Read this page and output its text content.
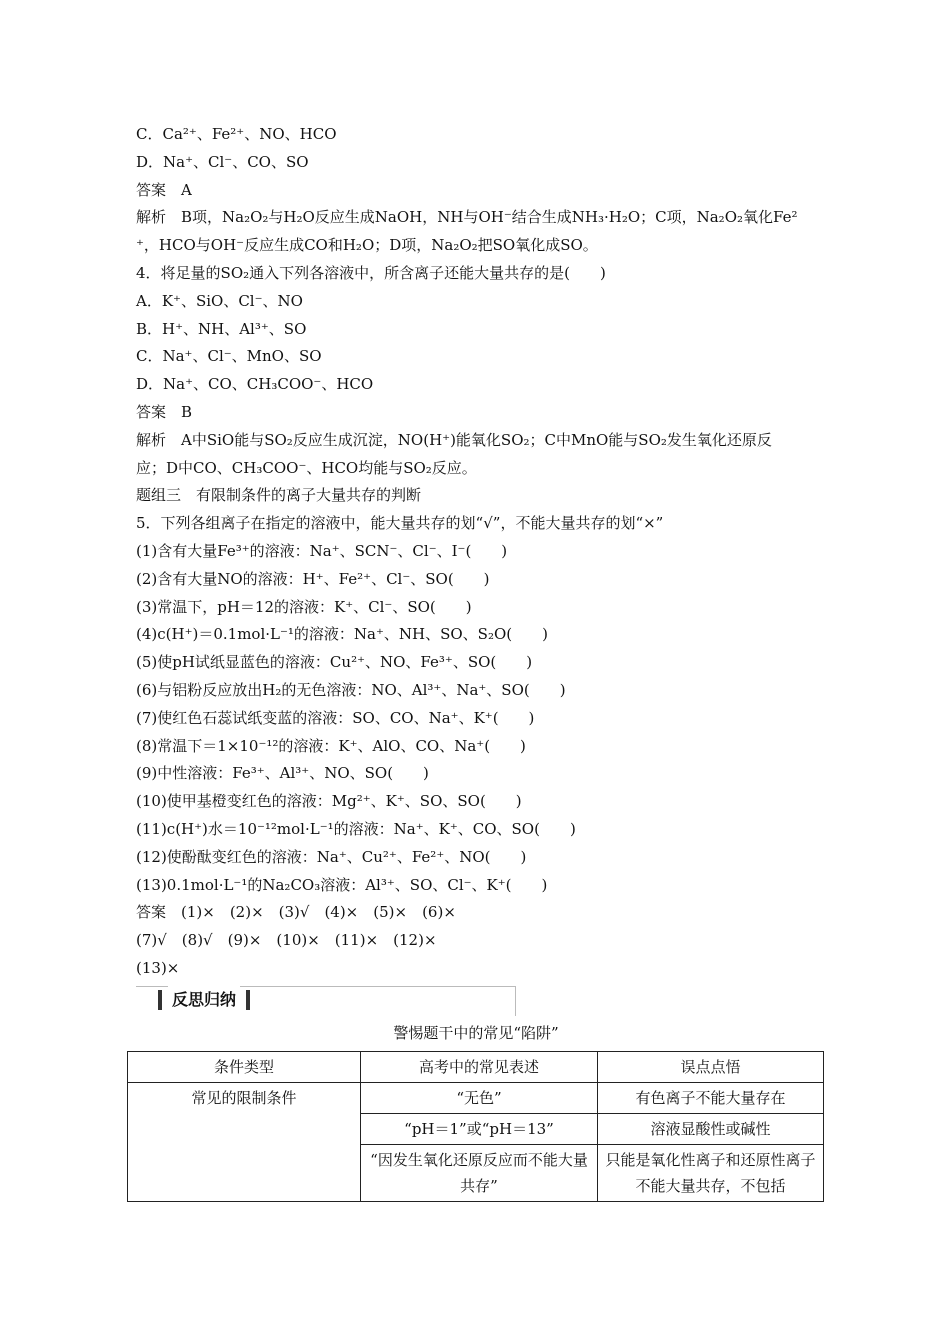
C．Ca²⁺、Fe²⁺、NO、HCO
D．Na⁺、Cl⁻、CO、SO
答案　A
解析　B项，Na₂O₂与H₂O反应生成NaOH，NH与OH⁻结合生成NH₃·H₂O；C项，Na₂O₂氧化Fe²
⁺，HCO与OH⁻反应生成CO和H₂O；D项，Na₂O₂把SO氧化成SO。
4．将足量的SO₂通入下列各溶液中，所含离子还能大量共存的是(　　)
A．K⁺、SiO、Cl⁻、NO
B．H⁺、NH、Al³⁺、SO
C．Na⁺、Cl⁻、MnO、SO
D．Na⁺、CO、CH₃COO⁻、HCO
答案　B
解析　A中SiO能与SO₂反应生成沉淀，NO(H⁺)能氧化SO₂；C中MnO能与SO₂发生氧化还原反
应；D中CO、CH₃COO⁻、HCO均能与SO₂反应。
题组三　有限制条件的离子大量共存的判断
5．下列各组离子在指定的溶液中，能大量共存的划“√”，不能大量共存的划“×”
(1)含有大量Fe³⁺的溶液：Na⁺、SCN⁻、Cl⁻、I⁻(　　)
(2)含有大量NO的溶液：H⁺、Fe²⁺、Cl⁻、SO(　　)
(3)常温下，pH＝12的溶液：K⁺、Cl⁻、SO(　　)
(4)c(H⁺)＝0.1mol·L⁻¹的溶液：Na⁺、NH、SO、S₂O(　　)
(5)使pH试纸显蓝色的溶液：Cu²⁺、NO、Fe³⁺、SO(　　)
(6)与铝粉反应放出H₂的无色溶液：NO、Al³⁺、Na⁺、SO(　　)
(7)使红色石蕊试纸变蓝的溶液：SO、CO、Na⁺、K⁺(　　)
(8)常温下＝1×10⁻¹²的溶液：K⁺、AlO、CO、Na⁺(　　)
(9)中性溶液：Fe³⁺、Al³⁺、NO、SO(　　)
(10)使甲基橙变红色的溶液：Mg²⁺、K⁺、SO、SO(　　)
(11)c(H⁺)水＝10⁻¹²mol·L⁻¹的溶液：Na⁺、K⁺、CO、SO(　　)
(12)使酚酞变红色的溶液：Na⁺、Cu²⁺、Fe²⁺、NO(　　)
(13)0.1mol·L⁻¹的Na₂CO₃溶液：Al³⁺、SO、Cl⁻、K⁺(　　)
答案　(1)×　(2)×　(3)√　(4)×　(5)×　(6)×
(7)√　(8)√　(9)×　(10)×　(11)×　(12)×
(13)×
反思归纳
警惕题干中的常见“陷阱”
条件类型	高考中的常见表述	误点点悟
常见的限制条件	“无色”	有色离子不能大量存在
	“pH＝1”或“pH＝13”	溶液显酸性或碱性
	“因发生氧化还原反应而不能大量共存”	只能是氧化性离子和还原性离子不能大量共存，不包括
